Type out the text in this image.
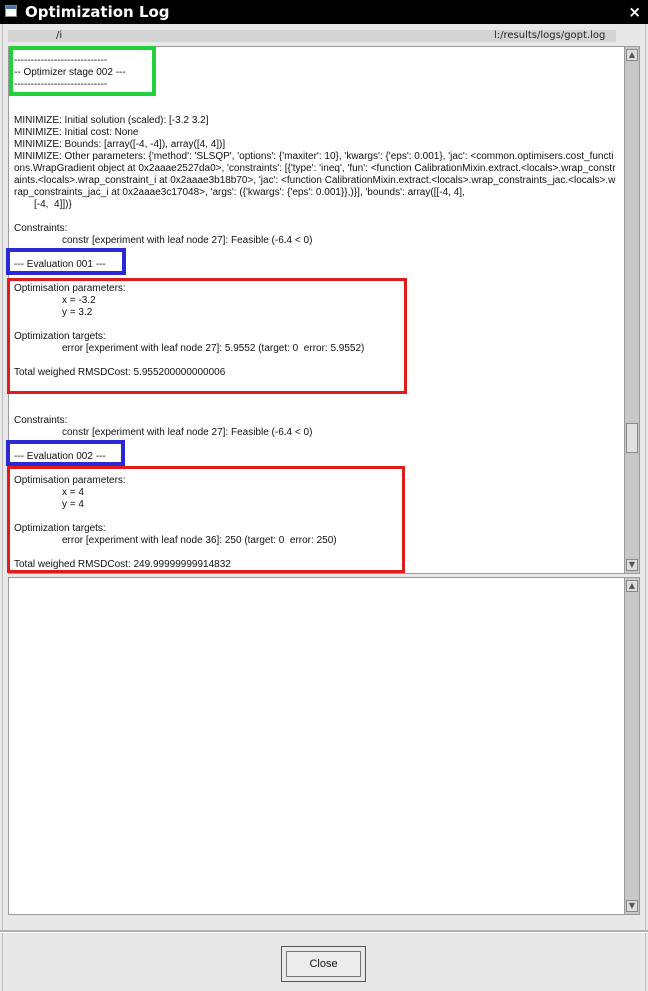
Optimization Log	×
/i	l:/results/logs/gopt.log
----------------------------
-- Optimizer stage 002 ---
----------------------------
MINIMIZE: Initial solution (scaled): [-3.2 3.2]
MINIMIZE: Initial cost: None
MINIMIZE: Bounds: [array([-4, -4]), array([4, 4])]
MINIMIZE: Other parameters: {'method': 'SLSQP', 'options': {'maxiter': 10}, 'kwargs': {'eps': 0.001}, 'jac': <common.optimisers.cost_functions.WrapGradient object at 0x2aaae2527da0>, 'constraints': [{'type': 'ineq', 'fun': <function CalibrationMixin.extract.<locals>.wrap_constraints.<locals>.wrap_constraint_i at 0x2aaae3b18b70>, 'jac': <function CalibrationMixin.extract.<locals>.wrap_constraints_jac.<locals>.wrap_constraints_jac_i at 0x2aaae3c17048>, 'args': ({'kwargs': {'eps': 0.001}},)}], 'bounds': array([[-4, 4],
[-4,  4]])}
Constraints:
constr [experiment with leaf node 27]: Feasible (-6.4 < 0)
--- Evaluation 001 ---
Optimisation parameters:
x = -3.2
y = 3.2
Optimization targets:
error [experiment with leaf node 27]: 5.9552 (target: 0  error: 5.9552)
Total weighed RMSDCost: 5.955200000000006
Constraints:
constr [experiment with leaf node 27]: Feasible (-6.4 < 0)
--- Evaluation 002 ---
Optimisation parameters:
x = 4
y = 4
Optimization targets:
error [experiment with leaf node 36]: 250 (target: 0  error: 250)
Total weighed RMSDCost: 249.99999999914832
▲
▼
▲
▼
Close
